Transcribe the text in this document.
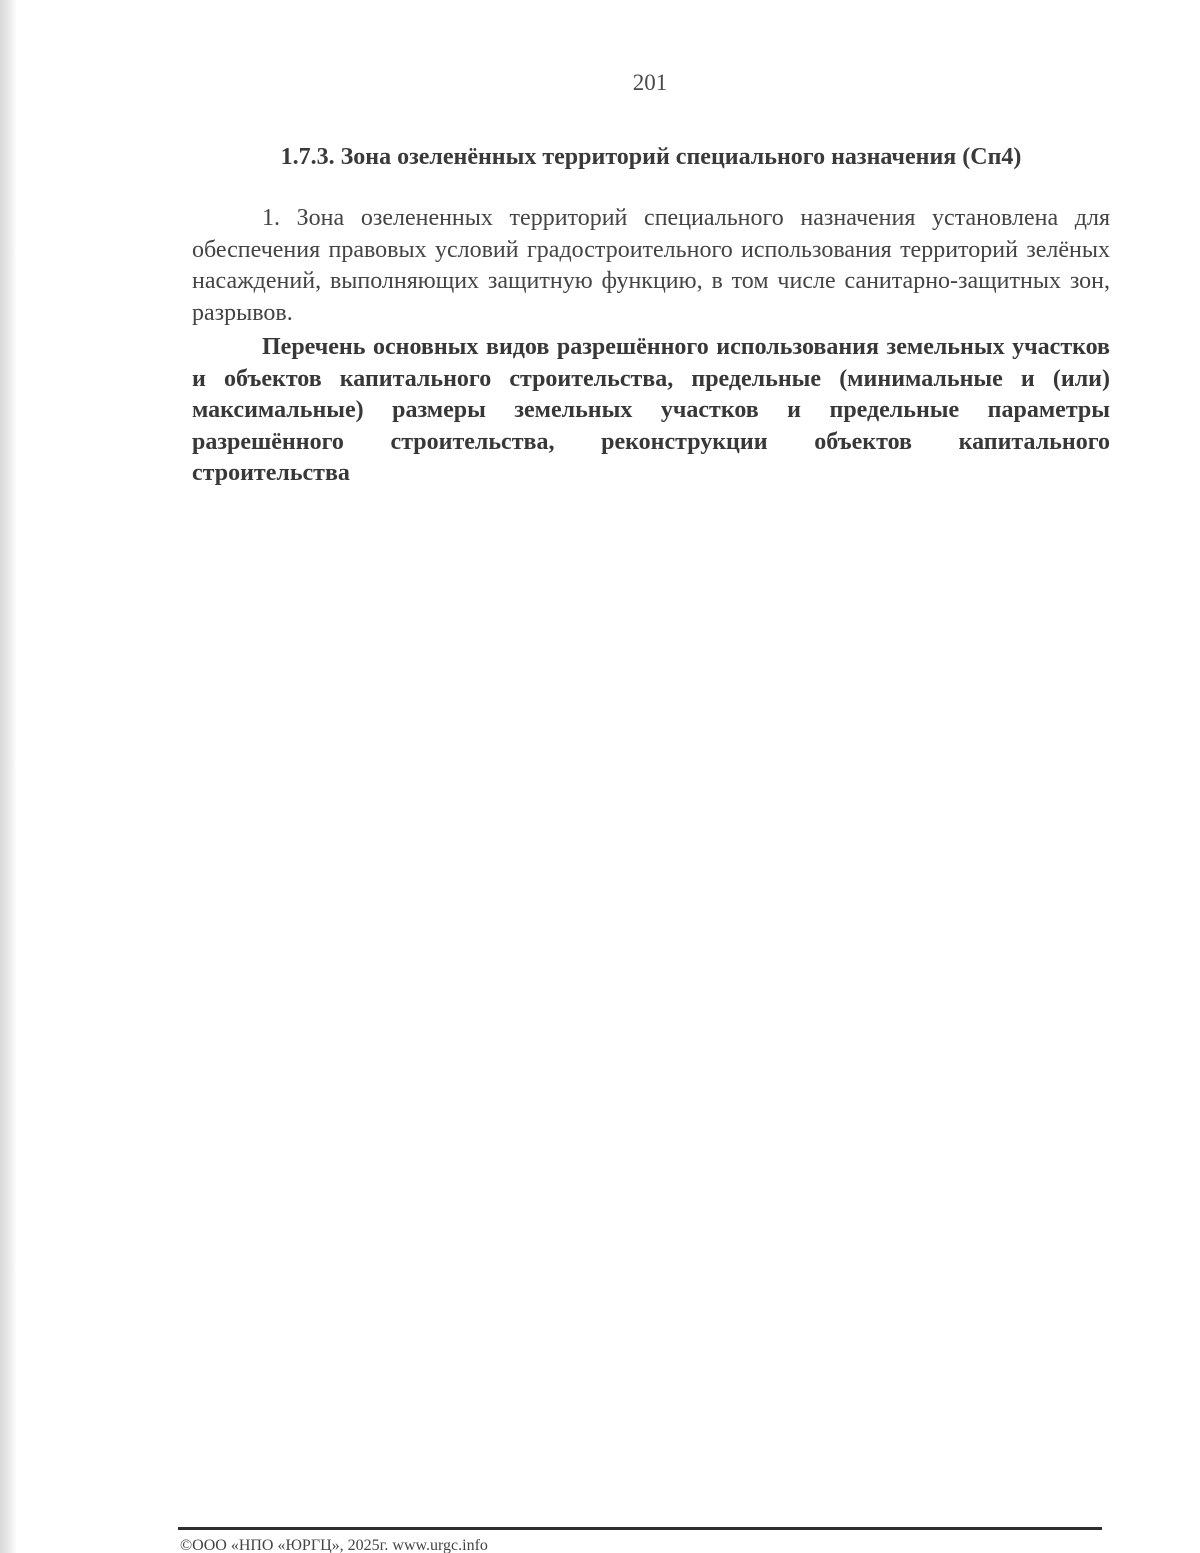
201
1.7.3. Зона озеленённых территорий специального назначения (Сп4)

1. Зона озелененных территорий специального назначения установлена для обеспечения правовых условий градостроительного использования территорий зелёных насаждений, выполняющих защитную функцию, в том числе санитарно-защитных зон, разрывов.

Перечень основных видов разрешённого использования земельных участков и объектов капитального строительства, предельные (минимальные и (или) максимальные) размеры земельных участков и предельные параметры разрешённого строительства, реконструкции объектов капитального строительства

©ООО «НПО «ЮРГЦ», 2025г. www.urgc.info
